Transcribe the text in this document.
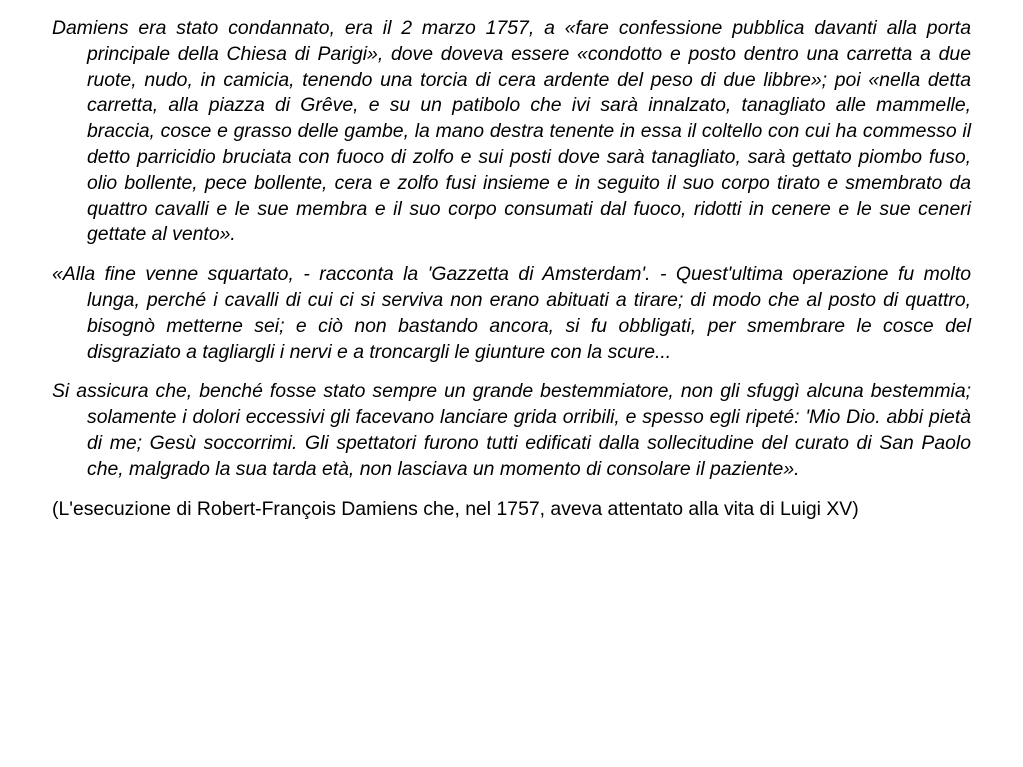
Damiens era stato condannato, era il 2 marzo 1757, a «fare confessione pubblica davanti alla porta principale della Chiesa di Parigi», dove doveva essere «condotto e posto dentro una carretta a due ruote, nudo, in camicia, tenendo una torcia di cera ardente del peso di due libbre»; poi «nella detta carretta, alla piazza di Grêve, e su un patibolo che ivi sarà innalzato, tanagliato alle mammelle, braccia, cosce e grasso delle gambe, la mano destra tenente in essa il coltello con cui ha commesso il detto parricidio bruciata con fuoco di zolfo e sui posti dove sarà tanagliato, sarà gettato piombo fuso, olio bollente, pece bollente, cera e zolfo fusi insieme e in seguito il suo corpo tirato e smembrato da quattro cavalli e le sue membra e il suo corpo consumati dal fuoco, ridotti in cenere e le sue ceneri gettate al vento».

«Alla fine venne squartato, - racconta la 'Gazzetta di Amsterdam'. - Quest'ultima operazione fu molto lunga, perché i cavalli di cui ci si serviva non erano abituati a tirare; di modo che al posto di quattro, bisognò metterne sei; e ciò non bastando ancora, si fu obbligati, per smembrare le cosce del disgraziato a tagliargli i nervi e a troncargli le giunture con la scure...

Si assicura che, benché fosse stato sempre un grande bestemmiatore, non gli sfuggì alcuna bestemmia; solamente i dolori eccessivi gli facevano lanciare grida orribili, e spesso egli ripeté: 'Mio Dio. abbi pietà di me; Gesù soccorrimi. Gli spettatori furono tutti edificati dalla sollecitudine del curato di San Paolo che, malgrado la sua tarda età, non lasciava un momento di consolare il paziente».

(L'esecuzione di Robert-François Damiens che, nel 1757, aveva attentato alla vita di Luigi XV)
